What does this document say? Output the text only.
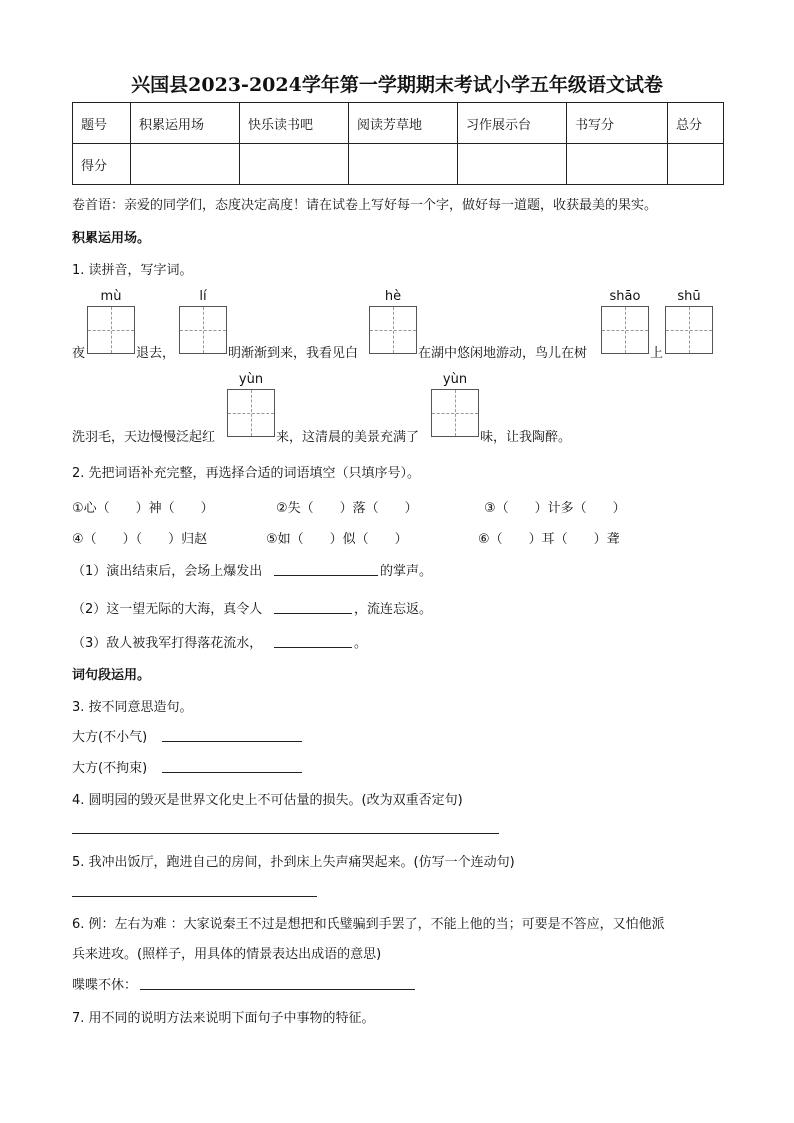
兴国县2023-2024学年第一学期期末考试小学五年级语文试卷
题号	积累运用场	快乐读书吧	阅读芳草地	习作展示台	书写分	总分
得分						
卷首语：亲爱的同学们，态度决定高度！请在试卷上写好每一个字，做好每一道题，收获最美的果实。
积累运用场。
1. 读拼音，写字词。
mù	lí	hè	shāo	shū
夜	退去，	明渐渐到来，我看见白	在湖中悠闲地游动，鸟儿在树	上
yùn	yùn
洗羽毛，天边慢慢泛起红	来，这清晨的美景充满了	味，让我陶醉。
2. 先把词语补充完整，再选择合适的词语填空（只填序号）。
①心（　　）神（　　）	②失（　　）落（　　）	③（　　）计多（　　）
④（　　）（　　）归赵	⑤如（　　）似（　　）	⑥（　　）耳（　　）聋
（1）演出结束后，会场上爆发出	的掌声。
（2）这一望无际的大海，真令人	，流连忘返。
（3）敌人被我军打得落花流水，	。
词句段运用。
3. 按不同意思造句。
大方(不小气)
大方(不拘束)
4. 圆明园的毁灭是世界文化史上不可估量的损失。(改为双重否定句)
5. 我冲出饭厅，跑进自己的房间，扑到床上失声痛哭起来。(仿写一个连动句)
6. 例：左右为难 ：大家说秦王不过是想把和氏璧骗到手罢了，不能上他的当；可要是不答应，又怕他派
兵来进攻。(照样子，用具体的情景表达出成语的意思)
喋喋不休：
7. 用不同的说明方法来说明下面句子中事物的特征。
